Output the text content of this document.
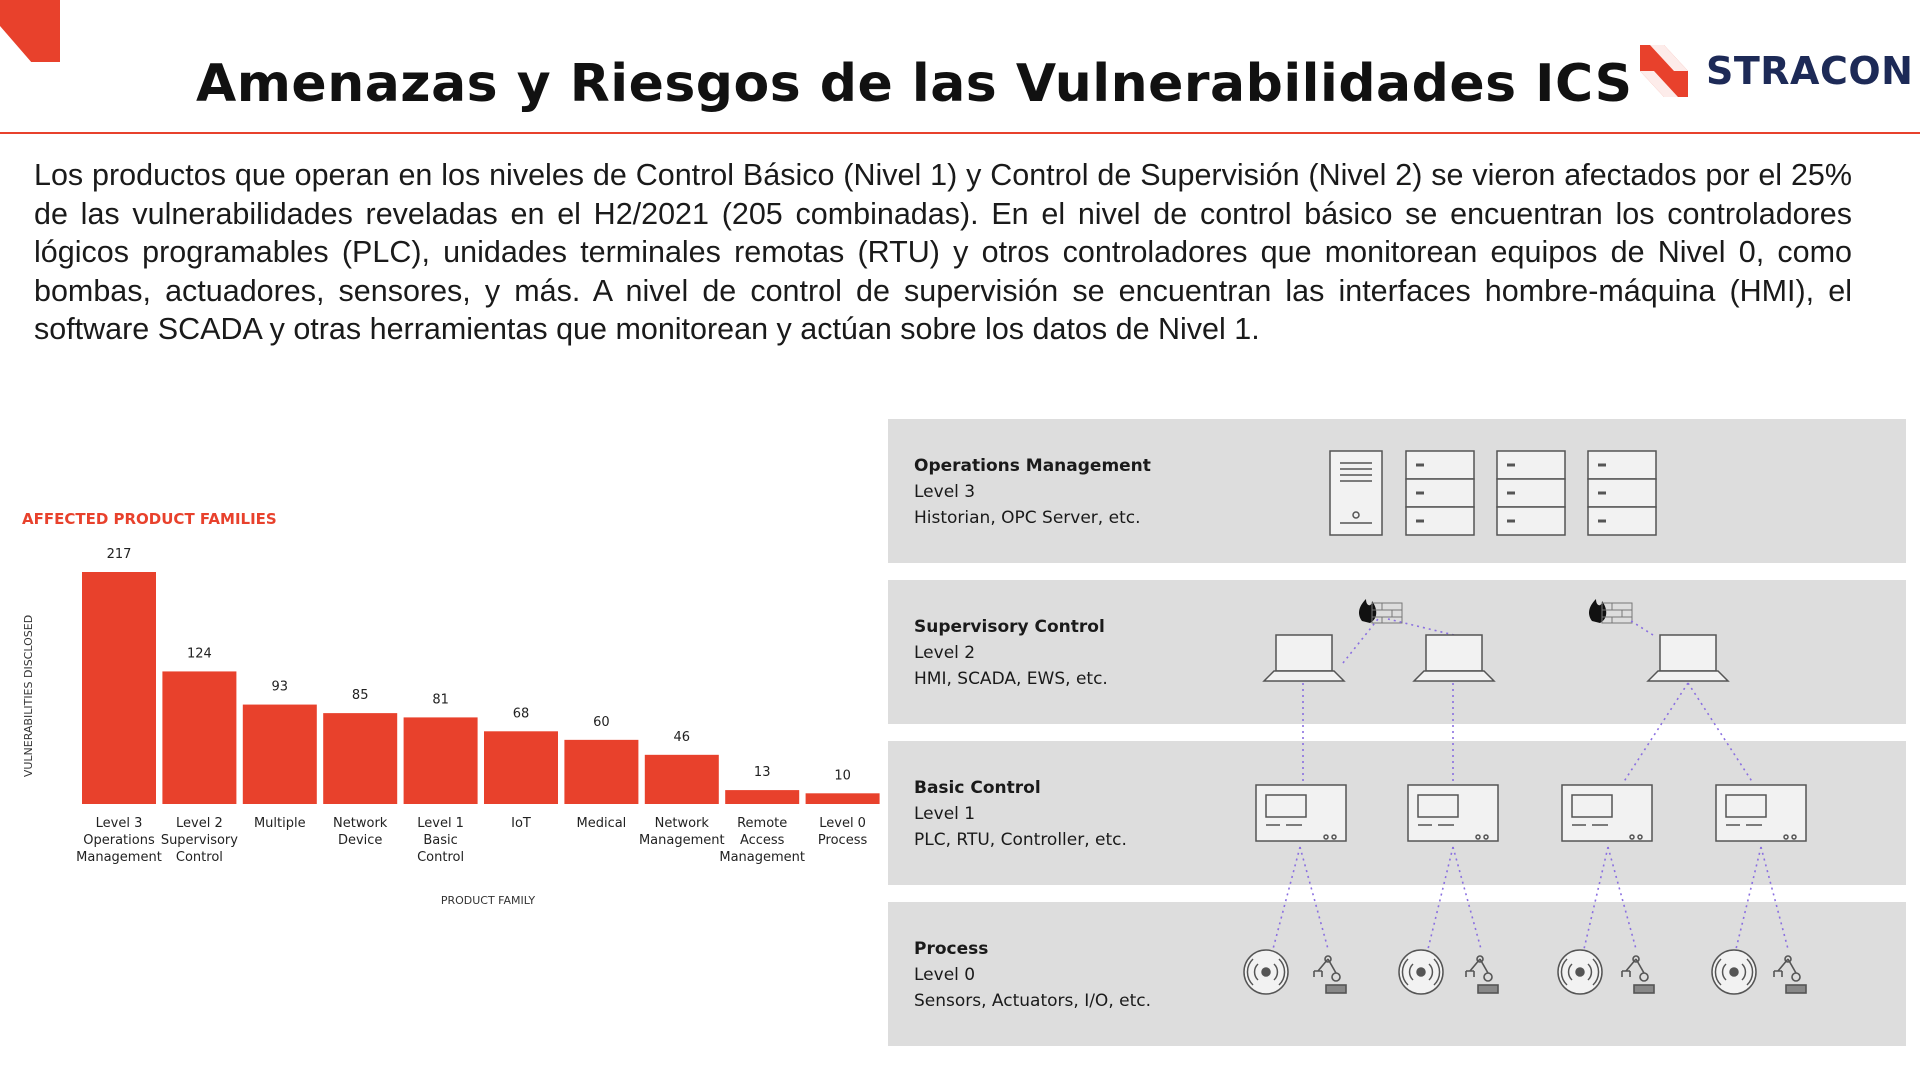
Amenazas y Riesgos de las Vulnerabilidades ICS STRACON
Los productos que operan en los niveles de Control Básico (Nivel 1) y Control de Supervisión (Nivel 2) se vieron afectados por el 25% de las vulnerabilidades reveladas en el H2/2021 (205 combinadas). En el nivel de control básico se encuentran los controladores lógicos programables (PLC), unidades terminales remotas (RTU) y otros controladores que monitorean equipos de Nivel 0, como bombas, actuadores, sensores, y más. A nivel de control de supervisión se encuentran las interfaces hombre-máquina (HMI), el software SCADA y otras herramientas que monitorean y actúan sobre los datos de Nivel 1.
AFFECTED PRODUCT FAMILIES
VULNERABILITIES DISCLOSED
PRODUCT FAMILY
217
Level 3
Operations
Management
124
Level 2
Supervisory
Control
93
Multiple
85
Network
Device
81
Level 1
Basic
Control
68
IoT
60
Medical
46
Network
Management
13
Remote
Access
Management
10
Level 0
Process
Operations Management
Level 3
Historian, OPC Server, etc.
Supervisory Control
Level 2
HMI, SCADA, EWS, etc.
Basic Control
Level 1
PLC, RTU, Controller, etc.
Process
Level 0
Sensors, Actuators, I/O, etc.
